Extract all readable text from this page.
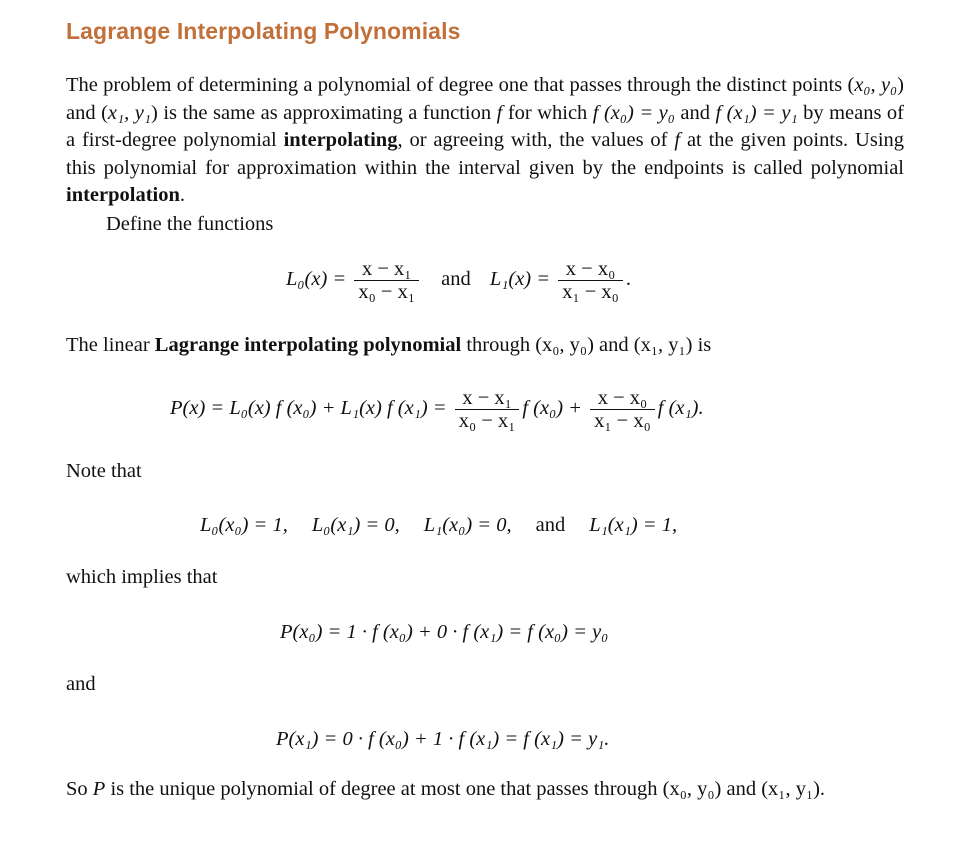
Lagrange Interpolating Polynomials

The problem of determining a polynomial of degree one that passes through the distinct points (x₀, y₀) and (x₁, y₁) is the same as approximating a function f for which f (x₀) = y₀ and f (x₁) = y₁ by means of a first-degree polynomial interpolating, or agreeing with, the values of f at the given points. Using this polynomial for approximation within the interval given by the endpoints is called polynomial interpolation.

Define the functions
$L_0(x) = \frac{\text{x − x₁}}{\text{x₀ − x₁}}$ and $L_1(x) = \frac{\text{x − x₀}}{\text{x₁ − x₀}}$ .
The linear Lagrange interpolating polynomial through (x₀, y₀) and (x₁, y₁) is
P(x) = L₀(x) f (x₀) + L₁(x) f $(x_1) = \frac{\text{x − x₁}}{\text{x₀ − x₁}}$ f $(x_0) + \frac{\text{x − x₀}}{\text{x₁ − x₀}}$ f (x₁).
Note that
L₀(x₀) = 1, L₀(x₁) = 0, L₁(x₀) = 0, and L₁(x₁) = 1,
which implies that
P(x₀) = 1 · f (x₀) + 0 · f (x₁) = f (x₀) = y₀
and
P(x₁) = 0 · f (x₀) + 1 · f (x₁) = f (x₁) = y₁.

So P is the unique polynomial of degree at most one that passes through (x₀, y₀) and (x₁, y₁).
